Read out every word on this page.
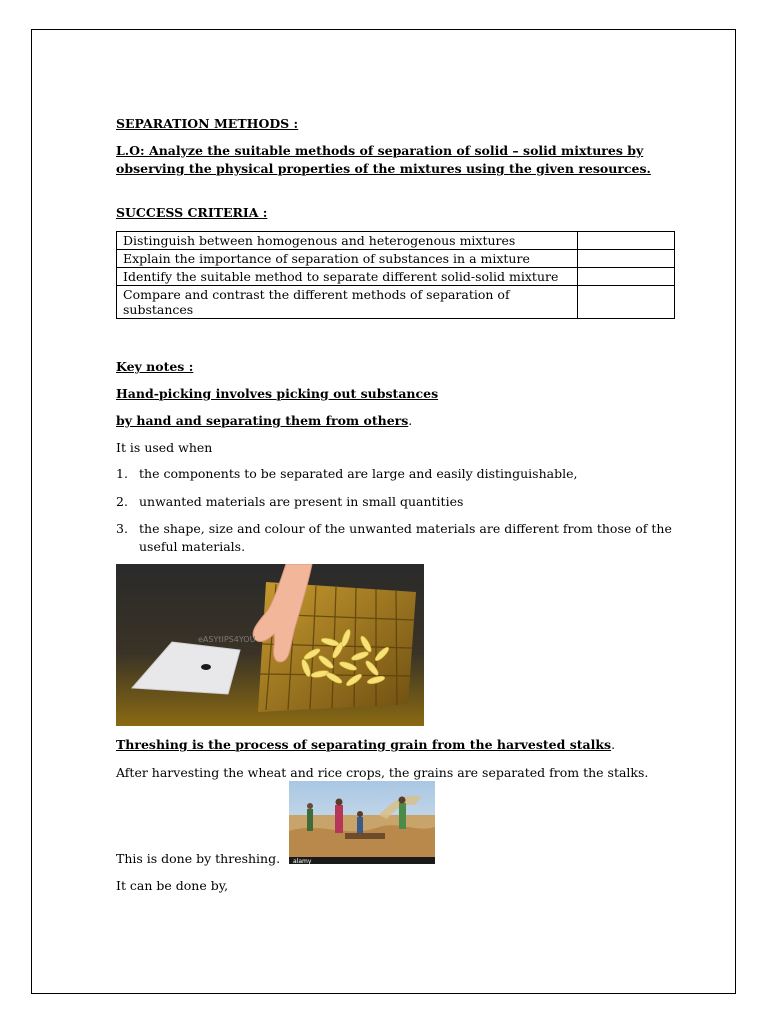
SEPARATION METHODS :
L.O: Analyze the suitable methods of separation of solid – solid mixtures by observing the physical properties of the mixtures using the given resources.
SUCCESS CRITERIA :
Distinguish between homogenous and heterogenous mixtures	
Explain the importance of separation of substances in a mixture	
Identify the suitable method to separate different solid-solid mixture	
Compare and contrast the different methods of separation of substances	
Key notes :
Hand-picking involves picking out substances
by hand and separating them from others.
It is used when
1. the components to be separated are large and easily distinguishable,
2. unwanted materials are present in small quantities
3. the shape, size and colour of the unwanted materials are different from those of the useful materials.
eASYtIPS4YOU
Threshing is the process of separating grain from the harvested stalks.
After harvesting the wheat and rice crops, the grains are separated from the stalks.
alamy
This is done by threshing.
It can be done by,
